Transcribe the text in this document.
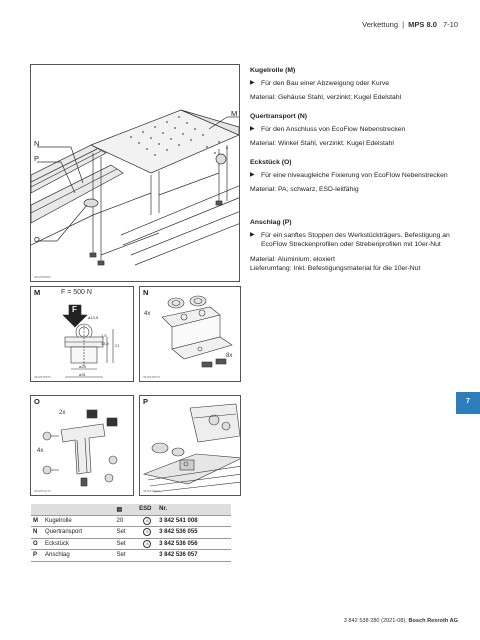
Verkettung | MPS 8.0 7-10
N
P
O
M
3842550582
M	F = 500 N
F
ø13,5
1,5
13,5 21
ø24
ø31
3842545555
N
4x
8x
3842545578
O
2x
4x
3842544770
P
3842538422
Kugelrolle (M)
▶ Für den Bau einer Abzweigung oder Kurve
Material: Gehäuse Stahl, verzinkt; Kugel Edelstahl
Quertransport (N)
▶ Für den Anschluss von EcoFlow Nebenstrecken
Material: Winkel Stahl, verzinkt; Kugel Edelstahl
Eckstück (O)
▶ Für eine niveaugleiche Fixierung von EcoFlow Nebenstrecken
Material: PA; schwarz, ESD-leitfähig
Anschlag (P)
▶ Für ein sanftes Stoppen des Werkstückträgers. Befestigung an EcoFlow Streckenprofilen oder Strebenprofilen mit 10er-Nut
Material: Aluminium; eloxiert
Lieferumfang: Inkl. Befestigungsmaterial für die 10er-Nut
7
		▤	ESD	Nr.
M	Kugelrolle	20	⚠	3 842 541 008
N	Quertransport	Set	⚠	3 842 536 055
O	Eckstück	Set	⚠	3 842 536 056
P	Anschlag	Set		3 842 536 057
3 842 538 280 (2021-08), Bosch Rexroth AG
